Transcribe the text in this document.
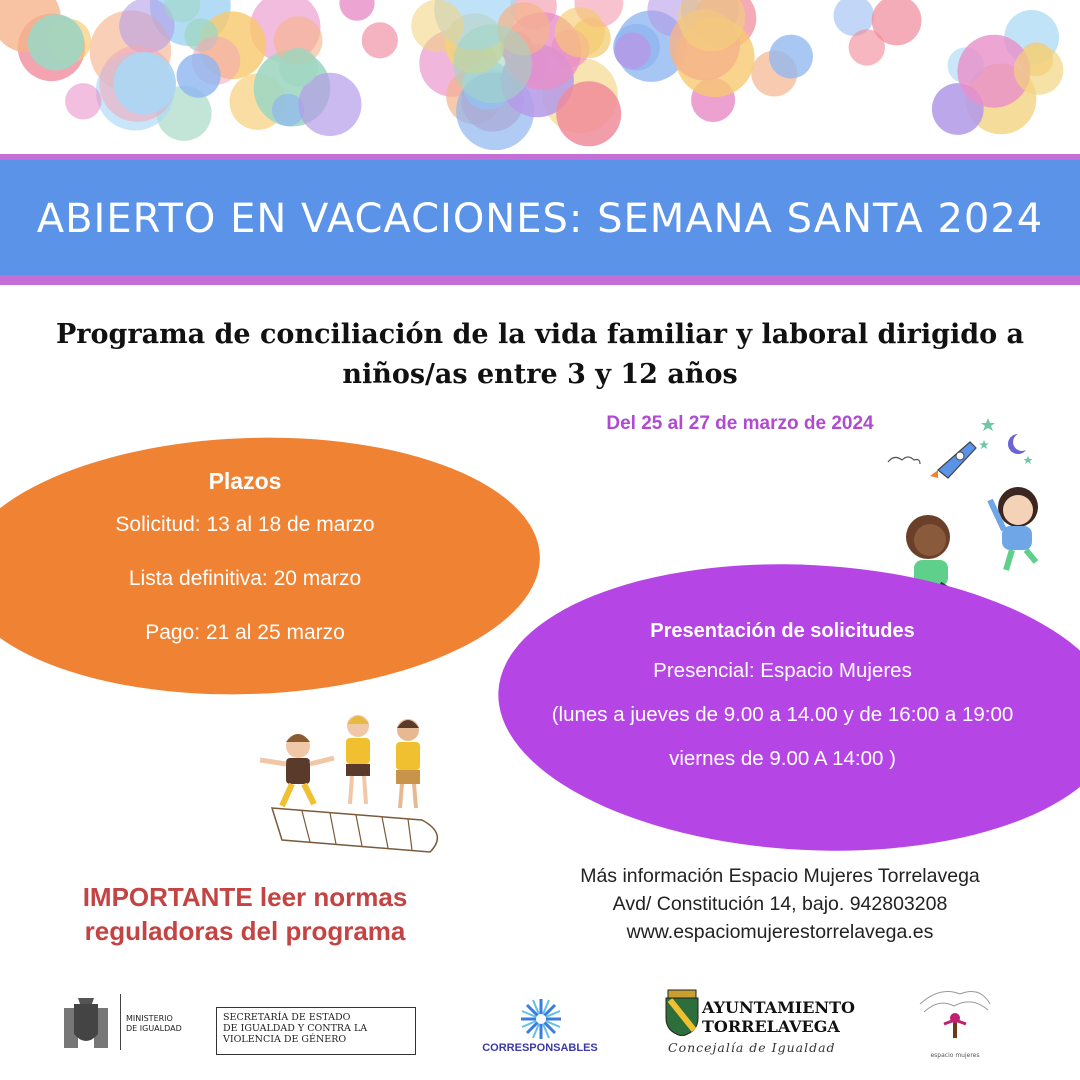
ABIERTO EN VACACIONES: SEMANA SANTA 2024
Programa de conciliación de la vida familiar y laboral dirigido a
niños/as entre 3 y 12 años
Del 25 al 27 de marzo de 2024
Plazos
Solicitud: 13 al 18 de marzo
Lista definitiva: 20 marzo
Pago: 21 al 25 marzo	Presentación de solicitudes
Presencial: Espacio Mujeres
(lunes a jueves de 9.00 a 14.00 y de 16:00 a 19:00
viernes de 9.00 A 14:00 )
IMPORTANTE leer normas
reguladoras del programa
Más información Espacio Mujeres Torrelavega
Avd/ Constitución 14, bajo. 942803208
www.espaciomujerestorrelavega.es
MINISTERIO
DE IGUALDAD
SECRETARÍA DE ESTADO
DE IGUALDAD Y CONTRA LA
VIOLENCIA DE GÉNERO
CORRESPONSABLES
AYUNTAMIENTO
TORRELAVEGA
Concejalía de Igualdad
espacio mujeres
